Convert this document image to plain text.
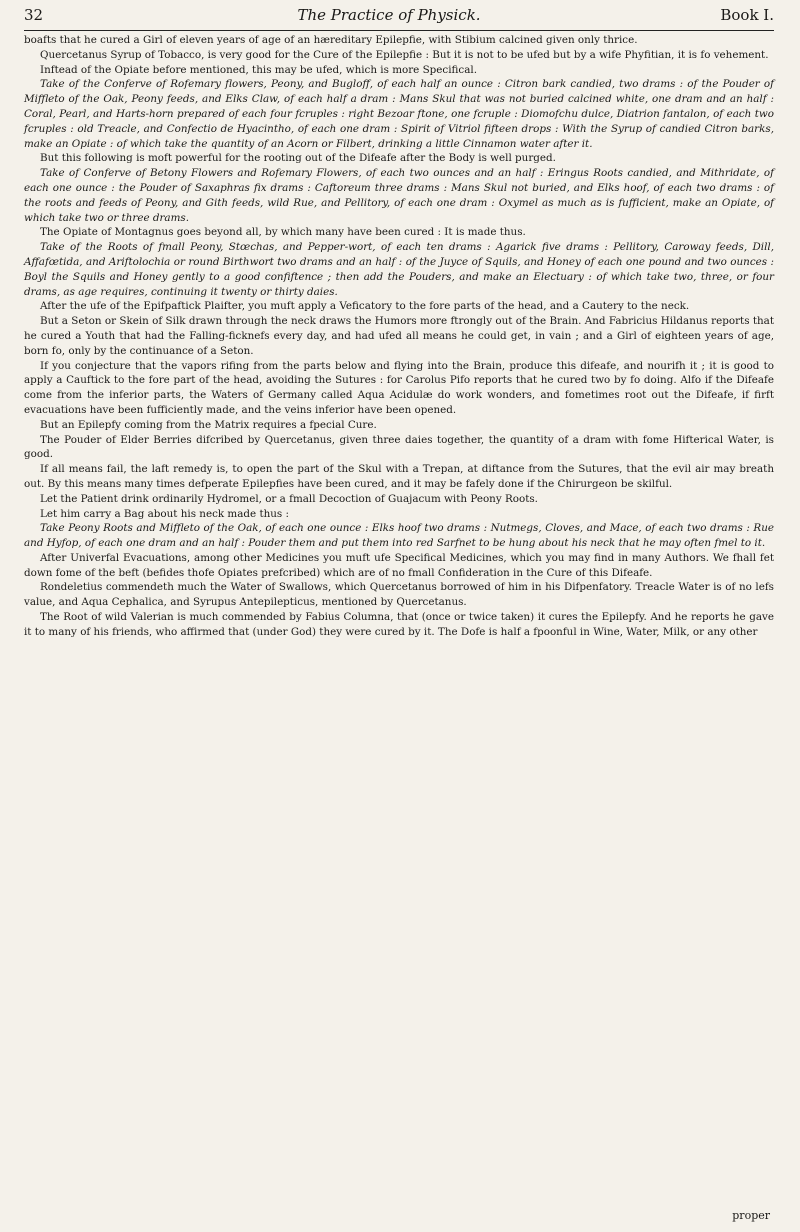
32	The Practice of Physick.	Book I.

boafts that he cured a Girl of eleven years of age of an hæreditary Epilepfie, with Stibium calcined given only thrice.

Quercetanus Syrup of Tobacco, is very good for the Cure of the Epilepfie : But it is not to be ufed but by a wife Phyfitian, it is fo vehement.

Inftead of the Opiate before mentioned, this may be ufed, which is more Specifical.

Take of the Conferve of Rofemary flowers, Peony, and Bugloff, of each half an ounce : Citron bark candied, two drams : of the Pouder of Miffleto of the Oak, Peony feeds, and Elks Claw, of each half a dram : Mans Skul that was not buried calcined white, one dram and an half : Coral, Pearl, and Harts-horn prepared of each four fcruples : right Bezoar ftone, one fcruple : Diomofchu dulce, Diatrion fantalon, of each two fcruples : old Treacle, and Confectio de Hyacintho, of each one dram : Spirit of Vitriol fifteen drops : With the Syrup of candied Citron barks, make an Opiate : of which take the quantity of an Acorn or Filbert, drinking a little Cinnamon water after it.

But this following is moft powerful for the rooting out of the Difeafe after the Body is well purged.

Take of Conferve of Betony Flowers and Rofemary Flowers, of each two ounces and an half : Eringus Roots candied, and Mithridate, of each one ounce : the Pouder of Saxaphras fix drams : Caftoreum three drams : Mans Skul not buried, and Elks hoof, of each two drams : of the roots and feeds of Peony, and Gith feeds, wild Rue, and Pellitory, of each one dram : Oxymel as much as is fufficient, make an Opiate, of which take two or three drams.

The Opiate of Montagnus goes beyond all, by which many have been cured : It is made thus.

Take of the Roots of fmall Peony, Stœchas, and Pepper-wort, of each ten drams : Agarick five drams : Pellitory, Caroway feeds, Dill, Affafœtida, and Ariftolochia or round Birthwort two drams and an half : of the Juyce of Squils, and Honey of each one pound and two ounces : Boyl the Squils and Honey gently to a good confiftence ; then add the Pouders, and make an Electuary : of which take two, three, or four drams, as age requires, continuing it twenty or thirty daies.

After the ufe of the Epifpaftick Plaifter, you muft apply a Veficatory to the fore parts of the head, and a Cautery to the neck.

But a Seton or Skein of Silk drawn through the neck draws the Humors more ftrongly out of the Brain. And Fabricius Hildanus reports that he cured a Youth that had the Falling-ficknefs every day, and had ufed all means he could get, in vain ; and a Girl of eighteen years of age, born fo, only by the continuance of a Seton.

If you conjecture that the vapors rifing from the parts below and flying into the Brain, produce this difeafe, and nourifh it ; it is good to apply a Cauftick to the fore part of the head, avoiding the Sutures : for Carolus Pifo reports that he cured two by fo doing. Alfo if the Difeafe come from the inferior parts, the Waters of Germany called Aqua Acidulæ do work wonders, and fometimes root out the Difeafe, if firft evacuations have been fufficiently made, and the veins inferior have been opened.

But an Epilepfy coming from the Matrix requires a fpecial Cure.

The Pouder of Elder Berries difcribed by Quercetanus, given three daies together, the quantity of a dram with fome Hifterical Water, is good.

If all means fail, the laft remedy is, to open the part of the Skul with a Trepan, at diftance from the Sutures, that the evil air may breath out. By this means many times defperate Epilepfies have been cured, and it may be fafely done if the Chirurgeon be skilful.

Let the Patient drink ordinarily Hydromel, or a fmall Decoction of Guajacum with Peony Roots.

Let him carry a Bag about his neck made thus :

Take Peony Roots and Miffleto of the Oak, of each one ounce : Elks hoof two drams : Nutmegs, Cloves, and Mace, of each two drams : Rue and Hyfop, of each one dram and an half : Pouder them and put them into red Sarfnet to be hung about his neck that he may often fmel to it.

After Univerfal Evacuations, among other Medicines you muft ufe Specifical Medicines, which you may find in many Authors. We fhall fet down fome of the beft (befides thofe Opiates prefcribed) which are of no fmall Confideration in the Cure of this Difeafe.

Rondeletius commendeth much the Water of Swallows, which Quercetanus borrowed of him in his Difpenfatory. Treacle Water is of no lefs value, and Aqua Cephalica, and Syrupus Antepilepticus, mentioned by Quercetanus.

The Root of wild Valerian is much commended by Fabius Columna, that (once or twice taken) it cures the Epilepfy. And he reports he gave it to many of his friends, who affirmed that (under God) they were cured by it. The Dofe is half a fpoonful in Wine, Water, Milk, or any other

proper
